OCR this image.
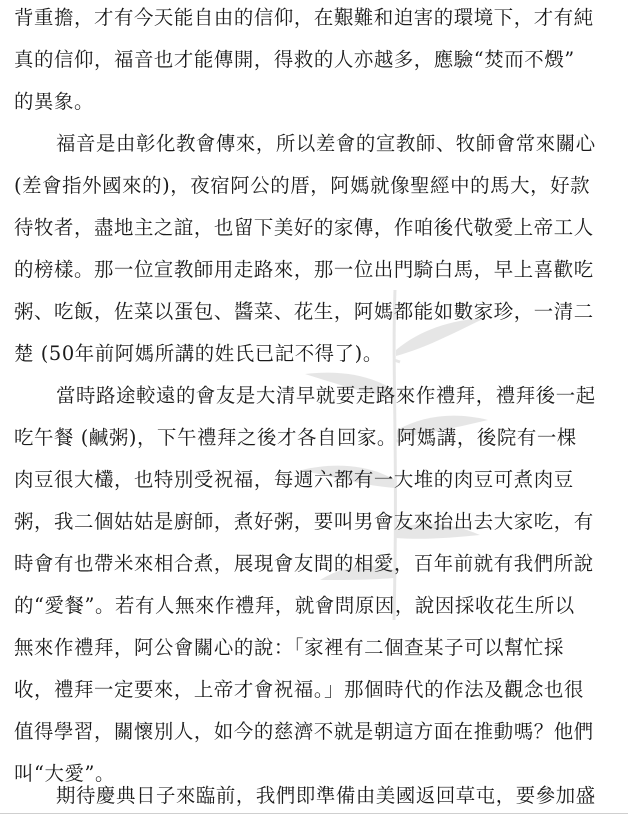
背重擔，才有今天能自由的信仰，在艱難和迫害的環境下，才有純
真的信仰，福音也才能傳開，得救的人亦越多，應驗“焚而不燬”
的異象。
福音是由彰化教會傳來，所以差會的宣教師、牧師會常來關心
(差會指外國來的)，夜宿阿公的厝，阿媽就像聖經中的馬大，好款
待牧者，盡地主之誼，也留下美好的家傳，作咱後代敬愛上帝工人
的榜樣。那一位宣教師用走路來，那一位出門騎白馬，早上喜歡吃
粥、吃飯，佐菜以蛋包、醬菜、花生，阿媽都能如數家珍，一清二
楚 (50年前阿媽所講的姓氏已記不得了)。
當時路途較遠的會友是大清早就要走路來作禮拜，禮拜後一起
吃午餐 (鹹粥)，下午禮拜之後才各自回家。阿媽講，後院有一棵
肉豆很大欉，也特別受祝福，每週六都有一大堆的肉豆可煮肉豆
粥，我二個姑姑是廚師，煮好粥，要叫男會友來抬出去大家吃，有
時會有也帶米來相合煮，展現會友間的相愛，百年前就有我們所說
的“愛餐”。若有人無來作禮拜，就會問原因，說因採收花生所以
無來作禮拜，阿公會關心的說：「家裡有二個查某子可以幫忙採
收，禮拜一定要來，上帝才會祝福。」那個時代的作法及觀念也很
值得學習，關懷別人，如今的慈濟不就是朝這方面在推動嗎？他們
叫“大愛”。
期待慶典日子來臨前，我們即準備由美國返回草屯，要參加盛
